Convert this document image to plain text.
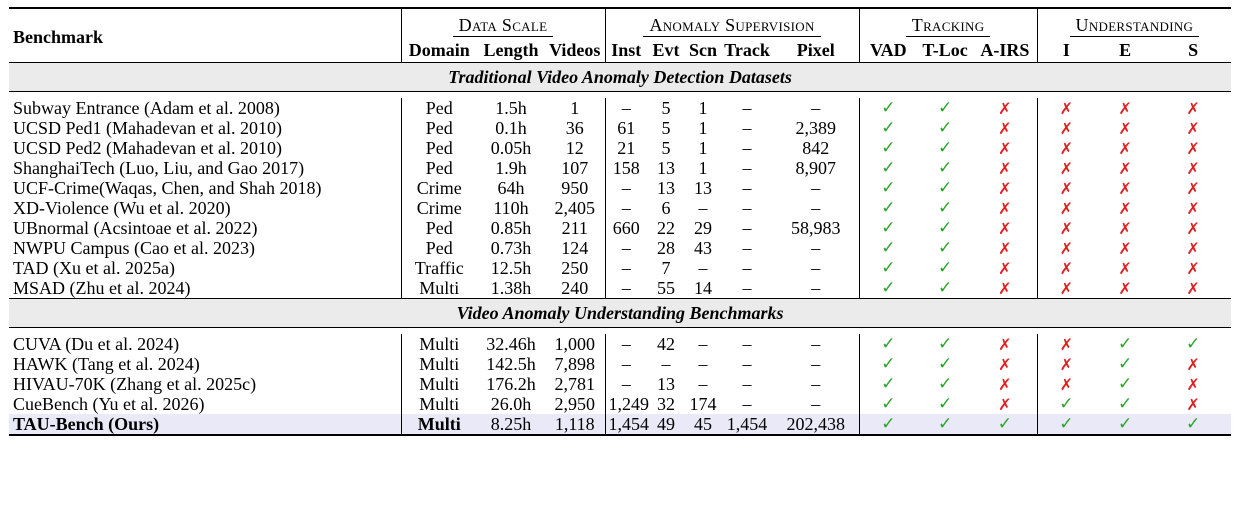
Benchmark	Data Scale			Anomaly Supervision					Tracking			Understanding		
	Domain	Length	Videos	Inst	Evt	Scn	Track	Pixel	VAD	T-Loc	A-IRS	I	E	S
Traditional Video Anomaly Detection Datasets														

Subway Entrance (Adam et al. 2008)	Ped	1.5h	1	–	5	1	–	–	✓	✓	✗	✗	✗	✗
UCSD Ped1 (Mahadevan et al. 2010)	Ped	0.1h	36	61	5	1	–	2,389	✓	✓	✗	✗	✗	✗
UCSD Ped2 (Mahadevan et al. 2010)	Ped	0.05h	12	21	5	1	–	842	✓	✓	✗	✗	✗	✗
ShanghaiTech (Luo, Liu, and Gao 2017)	Ped	1.9h	107	158	13	1	–	8,907	✓	✓	✗	✗	✗	✗
UCF-Crime(Waqas, Chen, and Shah 2018)	Crime	64h	950	–	13	13	–	–	✓	✓	✗	✗	✗	✗
XD-Violence (Wu et al. 2020)	Crime	110h	2,405	–	6	–	–	–	✓	✓	✗	✗	✗	✗
UBnormal (Acsintoae et al. 2022)	Ped	0.85h	211	660	22	29	–	58,983	✓	✓	✗	✗	✗	✗
NWPU Campus (Cao et al. 2023)	Ped	0.73h	124	–	28	43	–	–	✓	✓	✗	✗	✗	✗
TAD (Xu et al. 2025a)	Traffic	12.5h	250	–	7	–	–	–	✓	✓	✗	✗	✗	✗
MSAD (Zhu et al. 2024)	Multi	1.38h	240	–	55	14	–	–	✓	✓	✗	✗	✗	✗
Video Anomaly Understanding Benchmarks														

CUVA (Du et al. 2024)	Multi	32.46h	1,000	–	42	–	–	–	✓	✓	✗	✗	✓	✓
HAWK (Tang et al. 2024)	Multi	142.5h	7,898	–	–	–	–	–	✓	✓	✗	✗	✓	✗
HIVAU-70K (Zhang et al. 2025c)	Multi	176.2h	2,781	–	13	–	–	–	✓	✓	✗	✗	✓	✗
CueBench (Yu et al. 2026)	Multi	26.0h	2,950	1,249	32	174	–	–	✓	✓	✗	✓	✓	✗
TAU-Bench (Ours)	Multi	8.25h	1,118	1,454	49	45	1,454	202,438	✓	✓	✓	✓	✓	✓
